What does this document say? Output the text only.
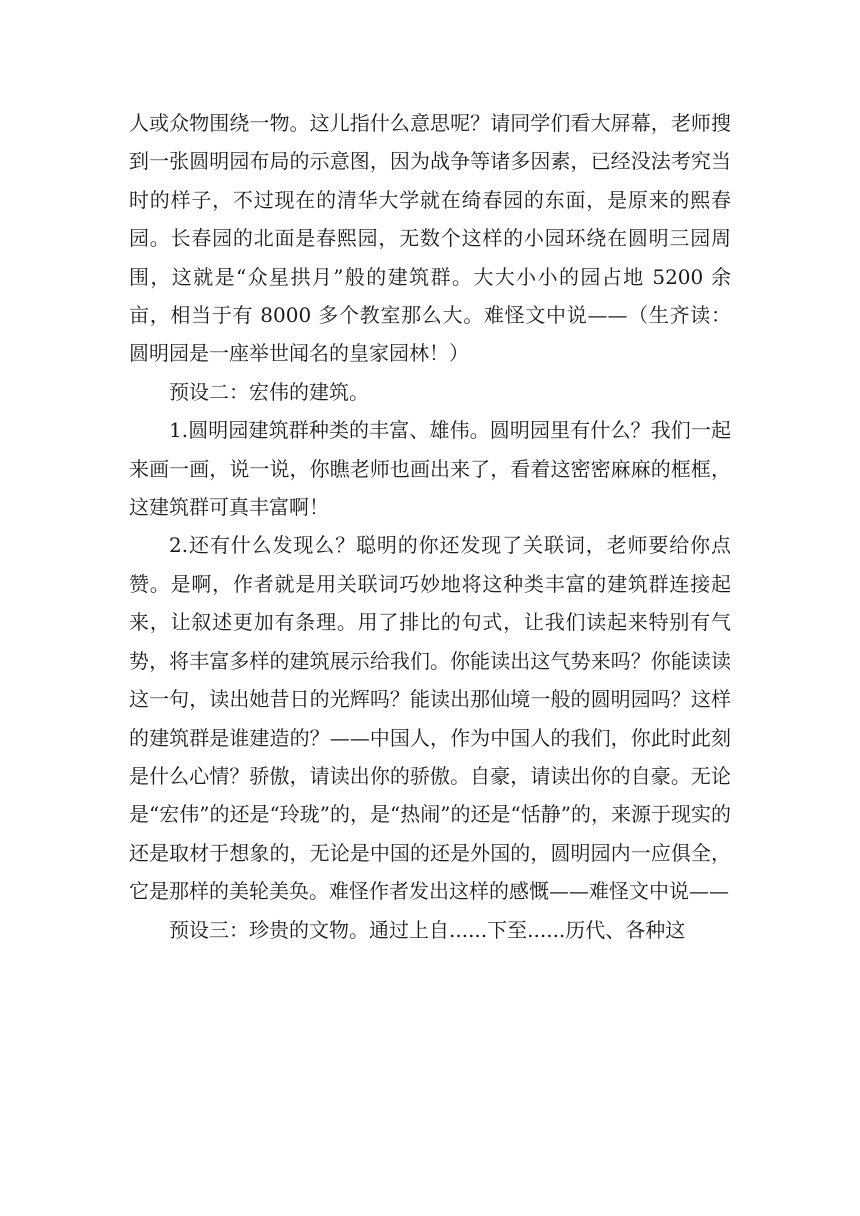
人或众物围绕一物。这儿指什么意思呢？请同学们看大屏幕，老师搜到一张圆明园布局的示意图，因为战争等诸多因素，已经没法考究当时的样子，不过现在的清华大学就在绮春园的东面，是原来的熙春园。长春园的北面是春熙园，无数个这样的小园环绕在圆明三园周围，这就是“众星拱月”般的建筑群。大大小小的园占地 5200 余亩，相当于有 8000 多个教室那么大。难怪文中说——（生齐读：圆明园是一座举世闻名的皇家园林！）

预设二：宏伟的建筑。

1.圆明园建筑群种类的丰富、雄伟。圆明园里有什么？我们一起来画一画，说一说，你瞧老师也画出来了，看着这密密麻麻的框框，这建筑群可真丰富啊！

2.还有什么发现么？聪明的你还发现了关联词，老师要给你点赞。是啊，作者就是用关联词巧妙地将这种类丰富的建筑群连接起来，让叙述更加有条理。用了排比的句式，让我们读起来特别有气势，将丰富多样的建筑展示给我们。你能读出这气势来吗？你能读读这一句，读出她昔日的光辉吗？能读出那仙境一般的圆明园吗？这样的建筑群是谁建造的？——中国人，作为中国人的我们，你此时此刻是什么心情？骄傲，请读出你的骄傲。自豪，请读出你的自豪。无论是“宏伟”的还是“玲珑”的，是“热闹”的还是“恬静”的，来源于现实的还是取材于想象的，无论是中国的还是外国的，圆明园内一应俱全，它是那样的美轮美奂。难怪作者发出这样的感慨——难怪文中说——

预设三：珍贵的文物。通过上自......下至......历代、各种这
